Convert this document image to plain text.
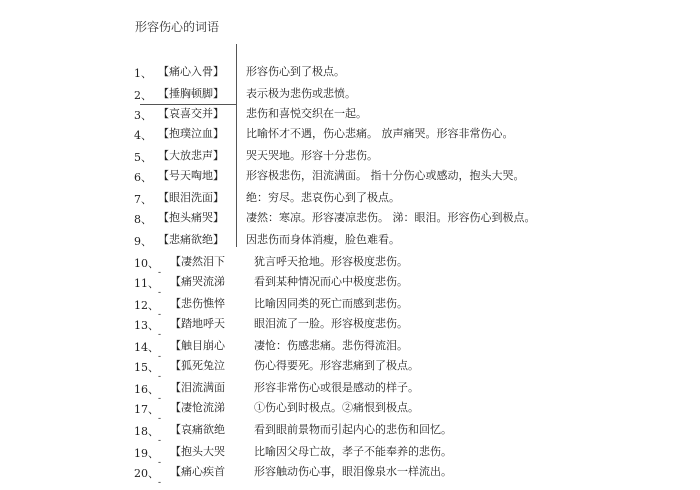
形容伤心的词语
1、 【痛心入骨】 形容伤心到了极点。
2、 【捶胸顿脚】 表示极为悲伤或悲愤。
3、 【哀喜交并】 悲伤和喜悦交织在一起。
4、 【抱璞泣血】 比喻怀才不遇，伤心悲痛。 放声痛哭。形容非常伤心。
5、 【大放悲声】 哭天哭地。形容十分悲伤。
6、 【号天啕地】 形容极悲伤，泪流满面。 指十分伤心或感动，抱头大哭。
7、 【眼泪洗面】 绝：穷尽。悲哀伤心到了极点。
8、 【抱头痛哭】 凄然：寒凉。形容凄凉悲伤。 涕：眼泪。形容伤心到极点。
9、 【悲痛欲绝】 因悲伤而身体消瘦，脸色难看。
10、 【凄然泪下	犹言呼天抢地。形容极度悲伤。
-
11、 【痛哭流涕	看到某种情况而心中极度悲伤。
-
12、 【悲伤憔悴	比喻因同类的死亡而感到悲伤。
-
13、 【踏地呼天	眼泪流了一脸。形容极度悲伤。
-
14、 【触目崩心	凄怆：伤感悲痛。悲伤得流泪。
-
15、 【狐死兔泣	伤心得要死。形容悲痛到了极点。
-
16、 【泪流满面	形容非常伤心或很是感动的样子。
-
17、 【凄怆流涕	①伤心到时极点。②痛恨到极点。
-
18、 【哀痛欲绝	看到眼前景物而引起内心的悲伤和回忆。
-
19、 【抱头大哭	比喻因父母亡故，孝子不能奉养的悲伤。
-
20、 【痛心疾首	形容触动伤心事，眼泪像泉水一样流出。
-
